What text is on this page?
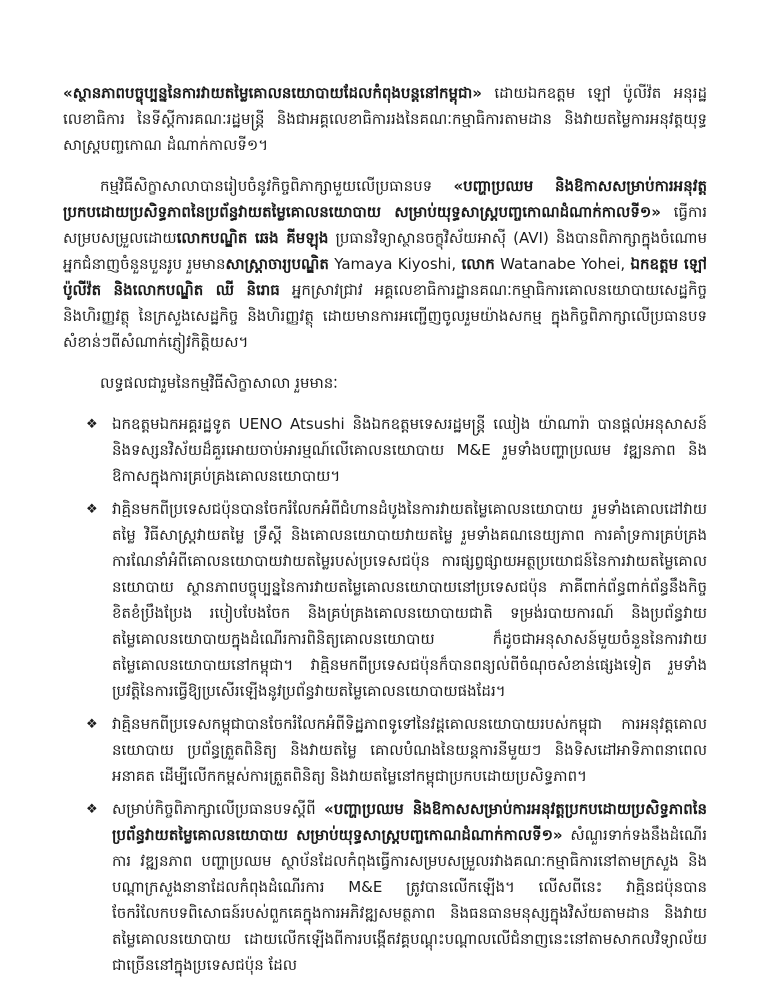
«ស្ថានភាពបច្ចុប្បន្ននៃការវាយតម្លៃគោលនយោបាយដែលកំពុងបន្តនៅកម្ពុជា» ដោយឯកឧត្តម ឡៅ ប៉ូលីវ៉ត អនុរដ្ឋលេខាធិការ នៃទីស្តីការគណៈរដ្ឋមន្ត្រី និងជាអគ្គលេខាធិការរងនៃគណៈកម្មាធិការតាមដាន និងវាយតម្លៃការអនុវត្តយុទ្ធសាស្ត្របញ្ចកោណ ដំណាក់កាលទី១។

កម្មវិធីសិក្ខាសាលាបានរៀបចំនូវកិច្ចពិភាក្សាមួយលើប្រធានបទ «បញ្ហាប្រឈម និងឱកាសសម្រាប់ការអនុវត្តប្រកបដោយប្រសិទ្ធភាពនៃប្រព័ន្ធវាយតម្លៃគោលនយោបាយ សម្រាប់យុទ្ធសាស្ត្របញ្ចកោណដំណាក់កាលទី១» ធ្វើការសម្របសម្រួលដោយលោកបណ្ឌិត ឆេង គីមឡុង ប្រធានវិទ្យាស្ថានចក្ខុវិស័យអាស៊ី (AVI) និងបានពិភាក្សាក្នុងចំណោមអ្នកជំនាញចំនួនបួនរូប រួមមានសាស្ត្រាចារ្យបណ្ឌិត Yamaya Kiyoshi, លោក Watanabe Yohei, ឯកឧត្តម ឡៅ ប៉ូលីវ៉ត និងលោកបណ្ឌិត ឈី និរោធ អ្នកស្រាវជ្រាវ អគ្គលេខាធិការដ្ឋានគណៈកម្មាធិការគោលនយោបាយសេដ្ឋកិច្ច និងហិរញ្ញវត្ថុ នៃក្រសួងសេដ្ឋកិច្ច និងហិរញ្ញវត្ថុ ដោយមានការអញ្ជើញចូលរួមយ៉ាងសកម្ម ក្នុងកិច្ចពិភាក្សាលើប្រធានបទសំខាន់ៗពីសំណាក់ភ្ញៀវកិត្តិយស។

លទ្ធផលជារួមនៃកម្មវិធីសិក្ខាសាលា រួមមានៈ

❖ ឯកឧត្តមឯកអគ្គរដ្ឋទូត UENO Atsushi និងឯកឧត្តមទេសរដ្ឋមន្ត្រី ឈៀង យ៉ាណារ៉ា បានផ្តល់អនុសាសន៍ និងទស្សនវិស័យដ៏គួរអោយចាប់អារម្មណ៍លើគោលនយោបាយ M&E រួមទាំងបញ្ហាប្រឈម វឌ្ឍនភាព និងឱកាសក្នុងការគ្រប់គ្រងគោលនយោបាយ។
❖ វាគ្មិនមកពីប្រទេសជប៉ុនបានចែករំលែកអំពីជំហានដំបូងនៃការវាយតម្លៃគោលនយោបាយ រួមទាំងគោលដៅវាយតម្លៃ វិធីសាស្ត្រវាយតម្លៃ ទ្រឹស្តី និងគោលនយោបាយវាយតម្លៃ រួមទាំងគណនេយ្យភាព ការគាំទ្រការគ្រប់គ្រង ការណែនាំអំពីគោលនយោបាយវាយតម្លៃរបស់ប្រទេសជប៉ុន ការផ្សព្វផ្សាយអត្ថប្រយោជន៍នៃការវាយតម្លៃគោលនយោបាយ ស្ថានភាពបច្ចុប្បន្ននៃការវាយតម្លៃគោលនយោបាយនៅប្រទេសជប៉ុន ភាគីពាក់ព័ន្ធពាក់ព័ន្ធនឹងកិច្ចខិតខំប្រឹងប្រែង របៀបបែងចែក និងគ្រប់គ្រងគោលនយោបាយជាតិ ទម្រង់របាយការណ៍ និងប្រព័ន្ធវាយតម្លៃគោលនយោបាយក្នុងដំណើរការពិនិត្យគោលនយោបាយ ក៏ដូចជាអនុសាសន៍មួយចំនួននៃការវាយតម្លៃគោលនយោបាយនៅកម្ពុជា។ វាគ្មិនមកពីប្រទេសជប៉ុនក៏បានពន្យល់ពីចំណុចសំខាន់ផ្សេងទៀត រួមទាំងប្រវត្តិនៃការធ្វើឱ្យប្រសើរឡើងនូវប្រព័ន្ធវាយតម្លៃគោលនយោបាយផងដែរ។
❖ វាគ្មិនមកពីប្រទេសកម្ពុជាបានចែករំលែកអំពីទិដ្ឋភាពទូទៅនៃវដ្តគោលនយោបាយរបស់កម្ពុជា ការអនុវត្តគោលនយោបាយ ប្រព័ន្ធត្រួតពិនិត្យ និងវាយតម្លៃ គោលបំណងនៃយន្តការនីមួយៗ និងទិសដៅអាទិភាពនាពេលអនាគត ដើម្បីលើកកម្ពស់ការត្រួតពិនិត្យ និងវាយតម្លៃនៅកម្ពុជាប្រកបដោយប្រសិទ្ធភាព។
❖ សម្រាប់កិច្ចពិភាក្សាលើប្រធានបទស្តីពី «បញ្ហាប្រឈម និងឱកាសសម្រាប់ការអនុវត្តប្រកបដោយប្រសិទ្ធភាពនៃប្រព័ន្ធវាយតម្លៃគោលនយោបាយ សម្រាប់យុទ្ធសាស្ត្របញ្ចកោណដំណាក់កាលទី១» សំណួរទាក់ទងនឹងដំណើរការ វឌ្ឍនភាព បញ្ហាប្រឈម ស្ថាប័នដែលកំពុងធ្វើការសម្របសម្រួលរវាងគណៈកម្មាធិការនៅតាមក្រសួង និងបណ្តាក្រសួងនានាដែលកំពុងដំណើរការ M&E ត្រូវបានលើកឡើង។ លើសពីនេះ វាគ្មិនជប៉ុនបានចែករំលែកបទពិសោធន៍របស់ពួកគេក្នុងការអភិវឌ្ឍសមត្ថភាព និងធនធានមនុស្សក្នុងវិស័យតាមដាន និងវាយតម្លៃគោលនយោបាយ ដោយលើកឡើងពីការបង្កើតវគ្គបណ្តុះបណ្តាលលើជំនាញនេះនៅតាមសាកលវិទ្យាល័យជាច្រើននៅក្នុងប្រទេសជប៉ុន ដែល
